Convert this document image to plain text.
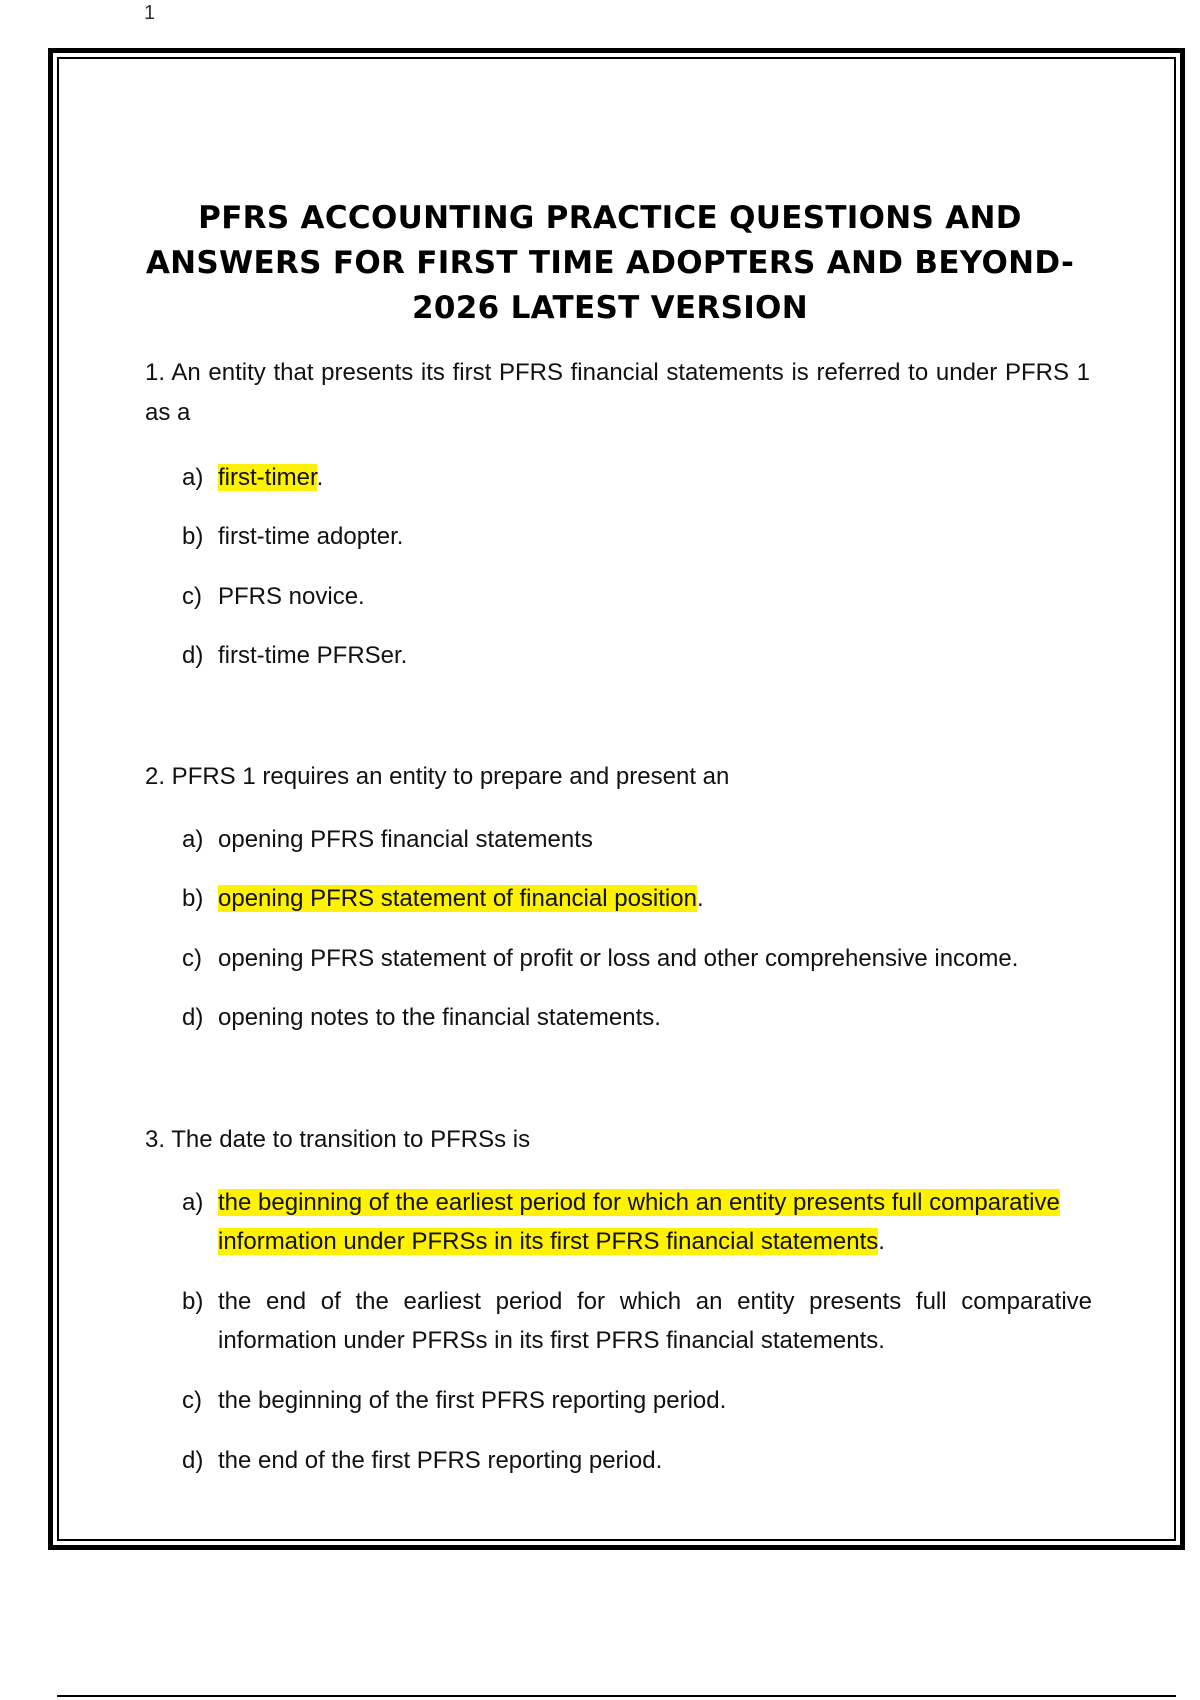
1
PFRS ACCOUNTING PRACTICE QUESTIONS AND
ANSWERS FOR FIRST TIME ADOPTERS AND BEYOND-
2026 LATEST VERSION
1. An entity that presents its first PFRS financial statements is referred to under PFRS 1 as a
a) first-timer.
b) first-time adopter.
c) PFRS novice.
d) first-time PFRSer.
2. PFRS 1 requires an entity to prepare and present an
a) opening PFRS financial statements
b) opening PFRS statement of financial position.
c) opening PFRS statement of profit or loss and other comprehensive income.
d) opening notes to the financial statements.
3. The date to transition to PFRSs is
a) the beginning of the earliest period for which an entity presents full comparative information under PFRSs in its first PFRS financial statements.
b) the end of the earliest period for which an entity presents full comparative information under PFRSs in its first PFRS financial statements.
c) the beginning of the first PFRS reporting period.
d) the end of the first PFRS reporting period.
